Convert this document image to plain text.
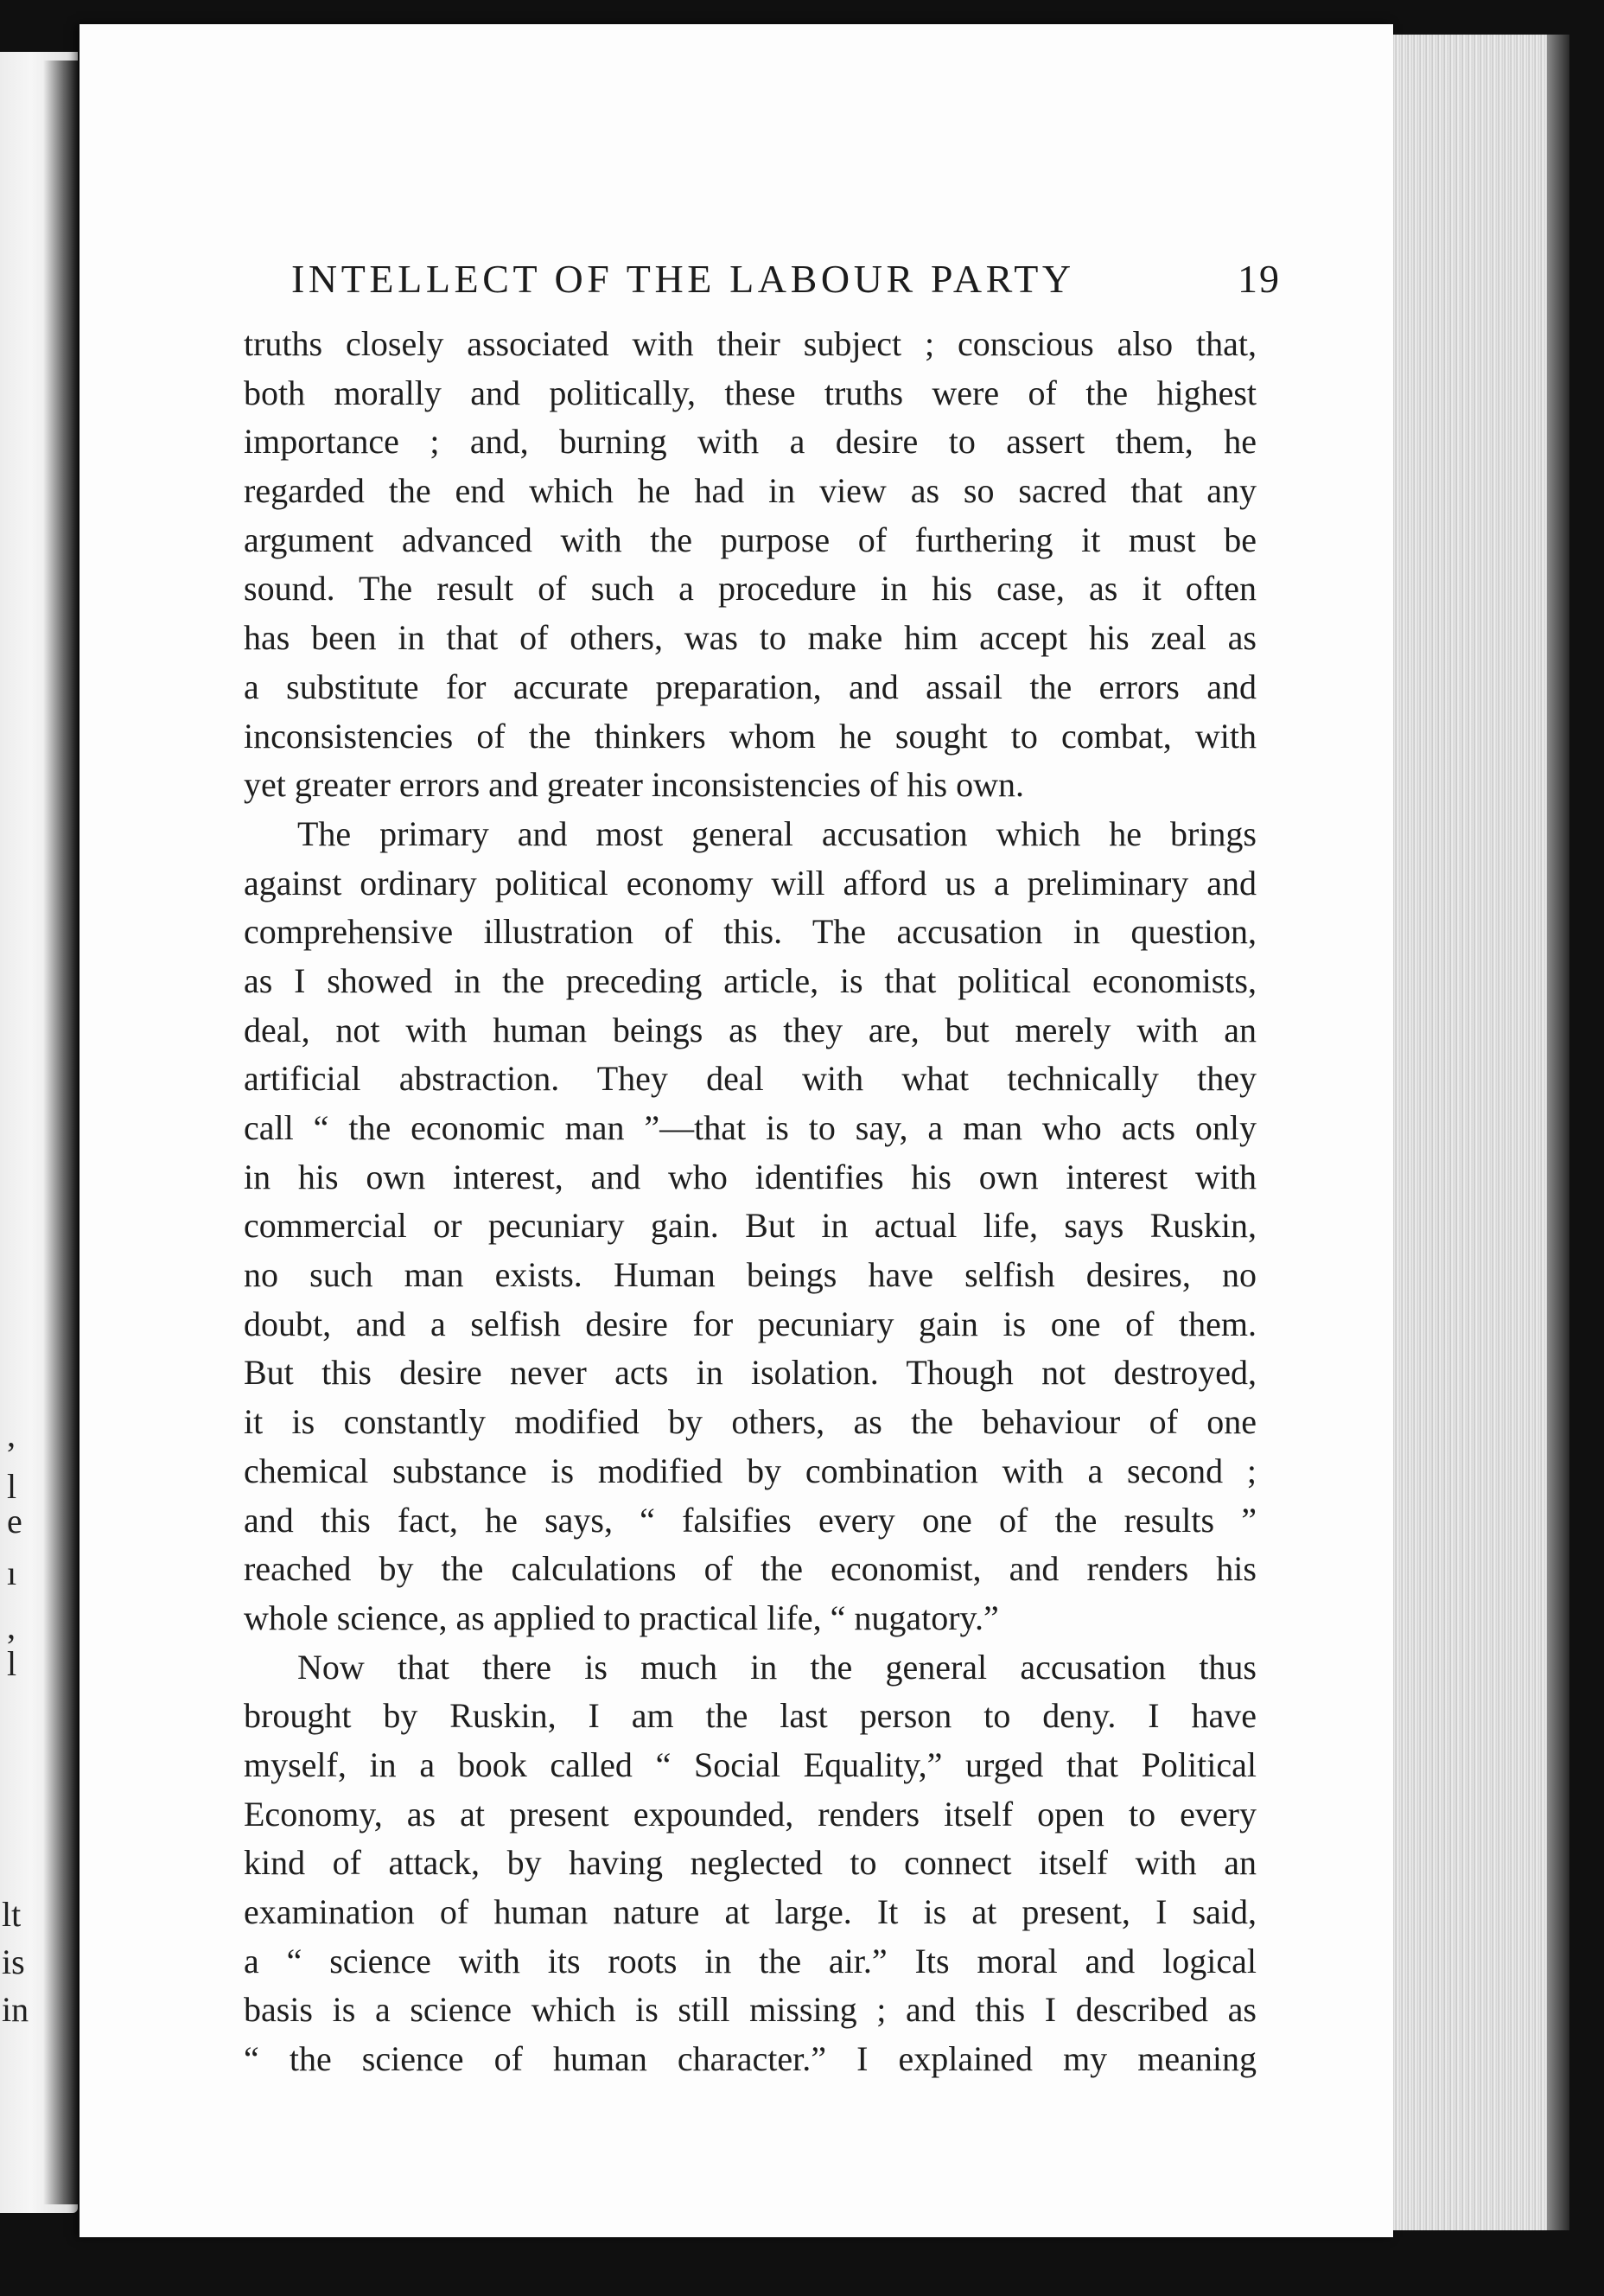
,
l
e
ı
,
l
lt
is
in
INTELLECT OF THE LABOUR PARTY	19
truths closely associated with their subject ; conscious also that,
both morally and politically, these truths were of the highest
importance ; and, burning with a desire to assert them, he
regarded the end which he had in view as so sacred that any
argument advanced with the purpose of furthering it must be
sound. The result of such a procedure in his case, as it often
has been in that of others, was to make him accept his zeal as
a substitute for accurate preparation, and assail the errors and
inconsistencies of the thinkers whom he sought to combat, with
yet greater errors and greater inconsistencies of his own.
The primary and most general accusation which he brings
against ordinary political economy will afford us a preliminary and
comprehensive illustration of this. The accusation in question,
as I showed in the preceding article, is that political economists,
deal, not with human beings as they are, but merely with an
artificial abstraction. They deal with what technically they
call “ the economic man ”—that is to say, a man who acts only
in his own interest, and who identifies his own interest with
commercial or pecuniary gain. But in actual life, says Ruskin,
no such man exists. Human beings have selfish desires, no
doubt, and a selfish desire for pecuniary gain is one of them.
But this desire never acts in isolation. Though not destroyed,
it is constantly modified by others, as the behaviour of one
chemical substance is modified by combination with a second ;
and this fact, he says, “ falsifies every one of the results ”
reached by the calculations of the economist, and renders his
whole science, as applied to practical life, “ nugatory.”
Now that there is much in the general accusation thus
brought by Ruskin, I am the last person to deny. I have
myself, in a book called “ Social Equality,” urged that Political
Economy, as at present expounded, renders itself open to every
kind of attack, by having neglected to connect itself with an
examination of human nature at large. It is at present, I said,
a “ science with its roots in the air.” Its moral and logical
basis is a science which is still missing ; and this I described as
“ the science of human character.” I explained my meaning
